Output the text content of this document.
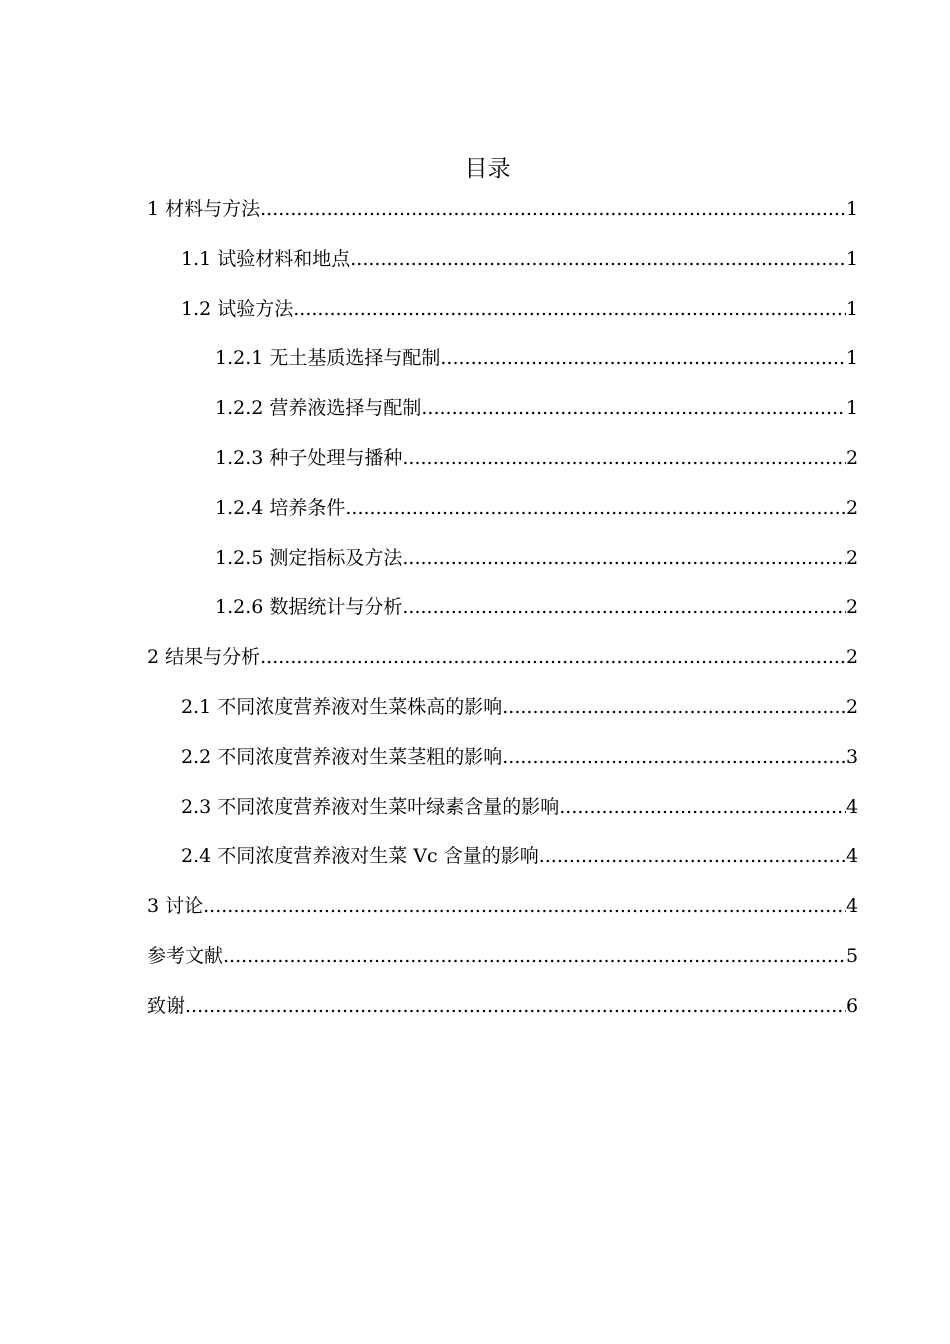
目录
1 材料与方法 .....	1
1.1 试验材料和地点 .....	1
1.2 试验方法 .....	1
1.2.1 无土基质选择与配制 .....	1
1.2.2 营养液选择与配制 .....	1
1.2.3 种子处理与播种 .....	2
1.2.4 培养条件 .....	2
1.2.5 测定指标及方法 .....	2
1.2.6 数据统计与分析 .....	2
2 结果与分析 .....	2
2.1 不同浓度营养液对生菜株高的影响 .....	2
2.2 不同浓度营养液对生菜茎粗的影响 .....	3
2.3 不同浓度营养液对生菜叶绿素含量的影响 .....	4
2.4 不同浓度营养液对生菜 Vc 含量的影响 .....	4
3 讨论 .....	4
参考文献 .....	5
致谢 .....	6
